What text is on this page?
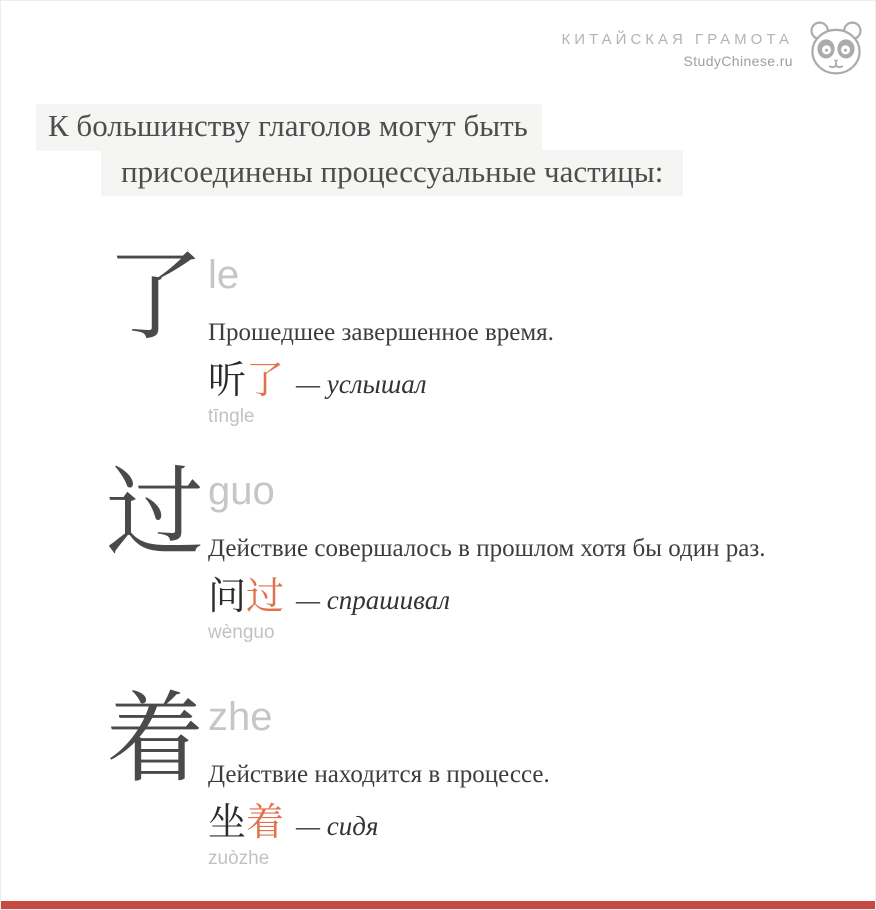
КИТАЙСКАЯ ГРАМОТА
StudyChinese.ru
К большинству глаголов могут быть
присоединены процессуальные частицы:
了 le
Прошедшее завершенное время.
听 了 — услышал
tīngle
过 guo
Действие совершалось в прошлом хотя бы один раз.
问 过 — спрашивал
wènguo
着 zhe
Действие находится в процессе.
坐 着 — сидя
zuòzhe
